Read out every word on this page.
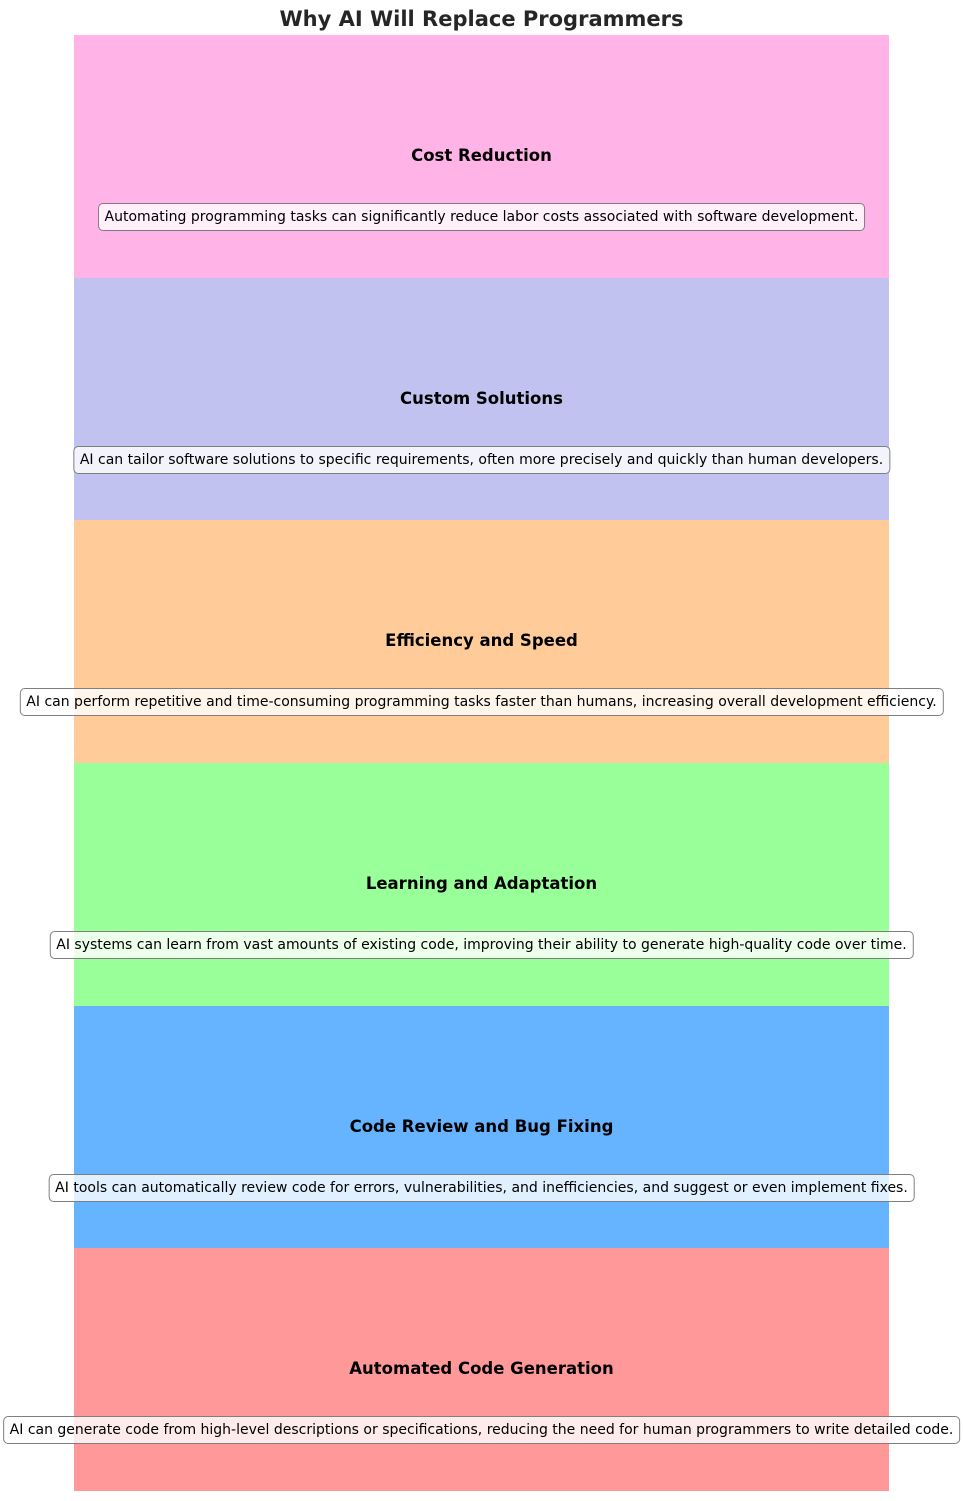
Why AI Will Replace Programmers
Cost Reduction
Automating programming tasks can significantly reduce labor costs associated with software development.
Custom Solutions
AI can tailor software solutions to specific requirements, often more precisely and quickly than human developers.
Efficiency and Speed
AI can perform repetitive and time-consuming programming tasks faster than humans, increasing overall development efficiency.
Learning and Adaptation
AI systems can learn from vast amounts of existing code, improving their ability to generate high-quality code over time.
Code Review and Bug Fixing
AI tools can automatically review code for errors, vulnerabilities, and inefficiencies, and suggest or even implement fixes.
Automated Code Generation
AI can generate code from high-level descriptions or specifications, reducing the need for human programmers to write detailed code.
